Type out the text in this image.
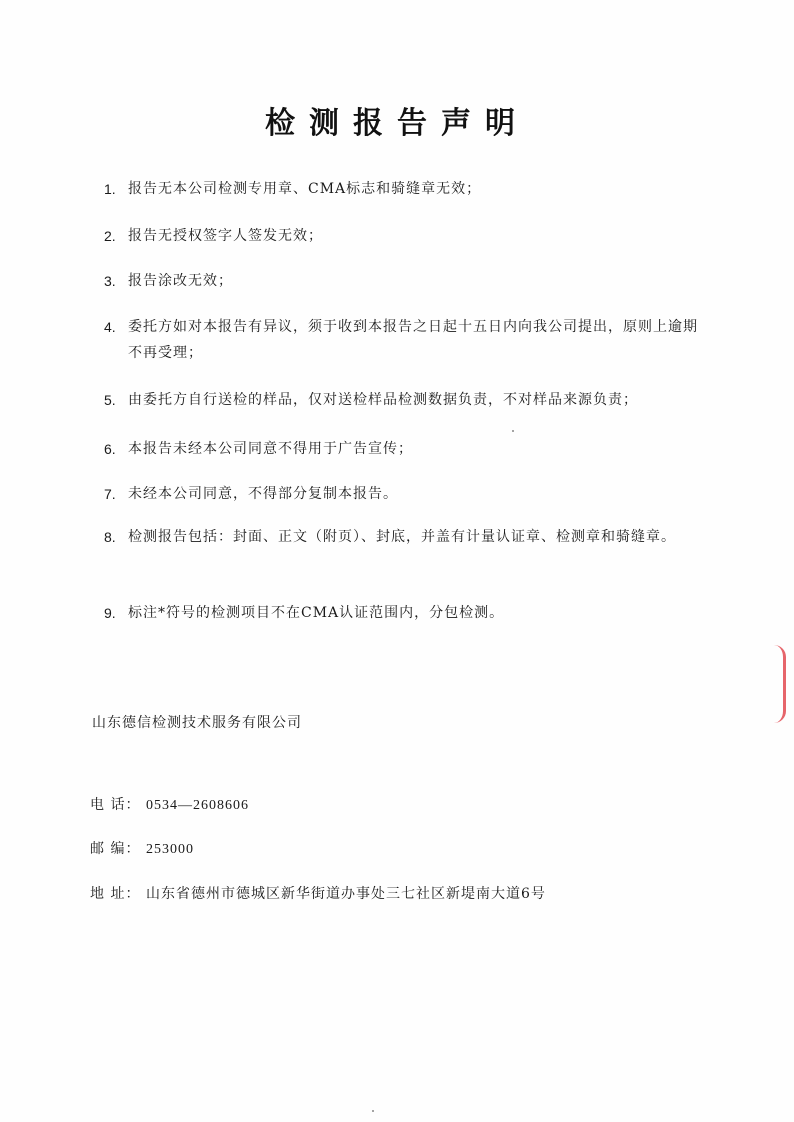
检测报告声明
1. 报告无本公司检测专用章、CMA标志和骑缝章无效；
2. 报告无授权签字人签发无效；
3. 报告涂改无效；
4. 委托方如对本报告有异议，须于收到本报告之日起十五日内向我公司提出，原则上逾期不再受理；
5. 由委托方自行送检的样品，仅对送检样品检测数据负责，不对样品来源负责；
6. 本报告未经本公司同意不得用于广告宣传；
7. 未经本公司同意，不得部分复制本报告。
8. 检测报告包括：封面、正文（附页）、封底，并盖有计量认证章、检测章和骑缝章。
9. 标注*符号的检测项目不在CMA认证范围内，分包检测。
山东德信检测技术服务有限公司
电 话： 0534—2608606
邮 编： 253000
地 址： 山东省德州市德城区新华街道办事处三七社区新堤南大道6号
